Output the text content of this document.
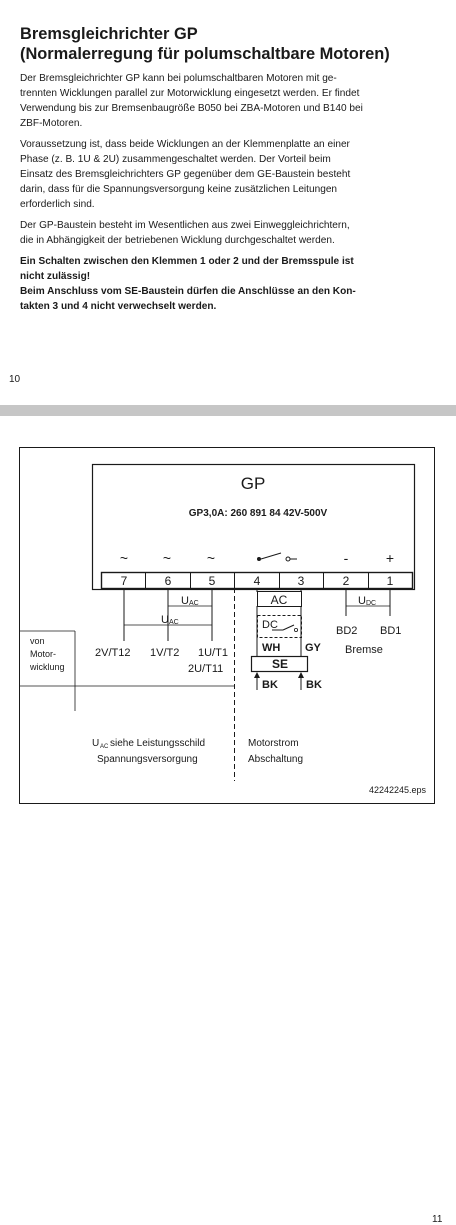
Bremsgleichrichter GP
(Normalerregung für polumschaltbare Motoren)
Der Bremsgleichrichter GP kann bei polumschaltbaren Motoren mit ge-
trennten Wicklungen parallel zur Motorwicklung eingesetzt werden. Er findet
Verwendung bis zur Bremsenbaugröße B050 bei ZBA-Motoren und B140 bei
ZBF-Motoren.
Voraussetzung ist, dass beide Wicklungen an der Klemmenplatte an einer
Phase (z. B. 1U & 2U) zusammengeschaltet werden. Der Vorteil beim
Einsatz des Bremsgleichrichters GP gegenüber dem GE-Baustein besteht
darin, dass für die Spannungsversorgung keine zusätzlichen Leitungen
erforderlich sind.
Der GP-Baustein besteht im Wesentlichen aus zwei Einweggleichrichtern,
die in Abhängigkeit der betriebenen Wicklung durchgeschaltet werden.
Ein Schalten zwischen den Klemmen 1 oder 2 und der Bremsspule ist
nicht zulässig!
Beim Anschluss vom SE-Baustein dürfen die Anschlüsse an den Kon-
takten 3 und 4 nicht verwechselt werden.
10
GP
GP3,0A: 260 891 84 42V-500V
~ ~	~	-	+
7	6	5	4	3	2	1
U AC
U AC
AC
DC
WH GY
SE
BK	BK
U DC
BD2 BD1
Bremse
2V/T12 1V/T2 1U/T1
2U/T11
von
Motor-
wicklung
U AC siehe Leistungsschild
Spannungsversorgung
Motorstrom
Abschaltung
42242245.eps
11
